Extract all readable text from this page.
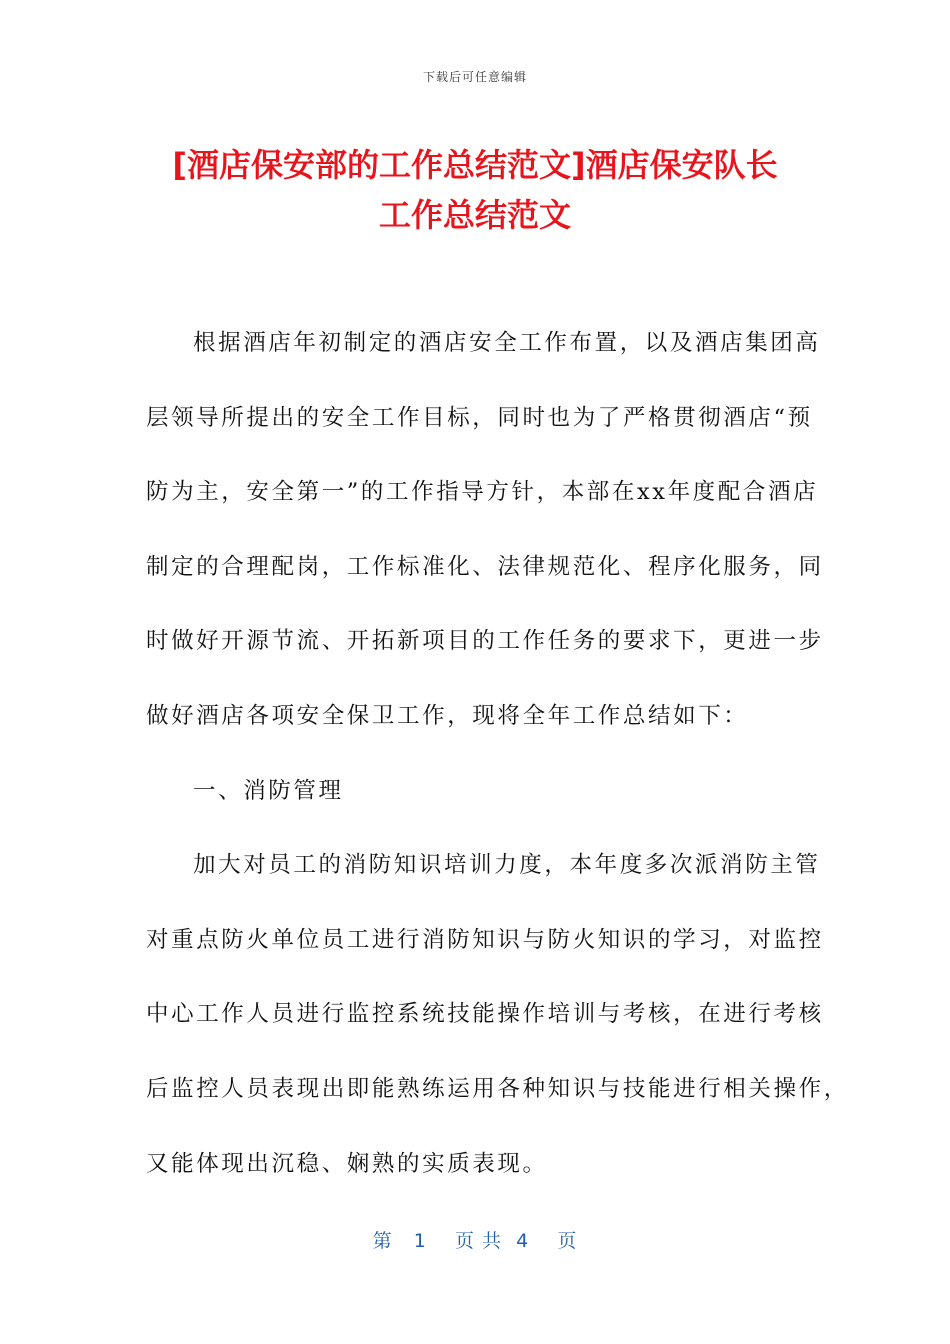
下载后可任意编辑
[酒店保安部的工作总结范文]酒店保安队长
工作总结范文
根据酒店年初制定的酒店安全工作布置，以及酒店集团高
层领导所提出的安全工作目标，同时也为了严格贯彻酒店“预
防为主，安全第一”的工作指导方针，本部在xx年度配合酒店
制定的合理配岗，工作标准化、法律规范化、程序化服务，同
时做好开源节流、开拓新项目的工作任务的要求下，更进一步
做好酒店各项安全保卫工作，现将全年工作总结如下：
一、消防管理
加大对员工的消防知识培训力度，本年度多次派消防主管
对重点防火单位员工进行消防知识与防火知识的学习，对监控
中心工作人员进行监控系统技能操作培训与考核，在进行考核
后监控人员表现出即能熟练运用各种知识与技能进行相关操作，
又能体现出沉稳、娴熟的实质表现。
第   1    页 共  4    页
